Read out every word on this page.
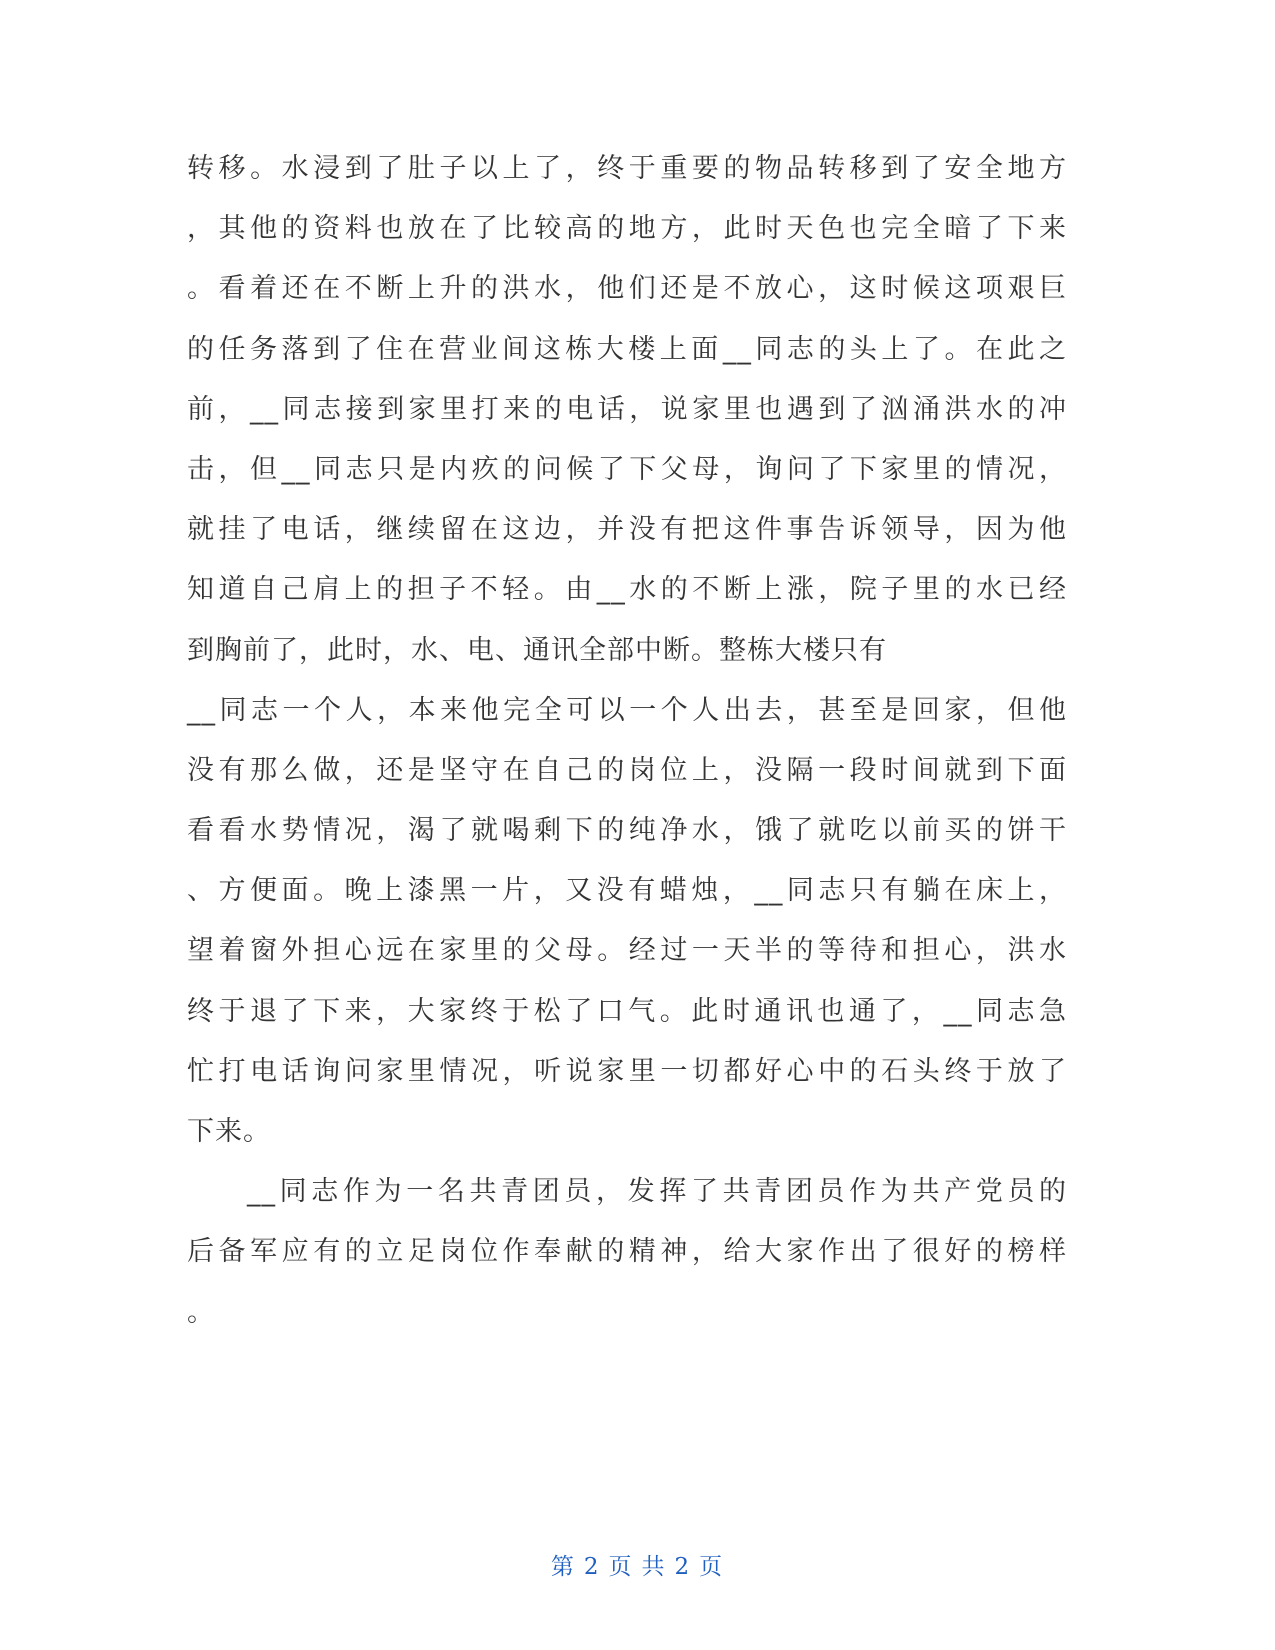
转移。水浸到了肚子以上了，终于重要的物品转移到了安全地方
，其他的资料也放在了比较高的地方，此时天色也完全暗了下来
。看着还在不断上升的洪水，他们还是不放心，这时候这项艰巨
的任务落到了住在营业间这栋大楼上面__同志的头上了。在此之
前，__同志接到家里打来的电话，说家里也遇到了汹涌洪水的冲
击，但__同志只是内疚的问候了下父母，询问了下家里的情况，
就挂了电话，继续留在这边，并没有把这件事告诉领导，因为他
知道自己肩上的担子不轻。由__水的不断上涨，院子里的水已经
到胸前了，此时，水、电、通讯全部中断。整栋大楼只有
__同志一个人，本来他完全可以一个人出去，甚至是回家，但他
没有那么做，还是坚守在自己的岗位上，没隔一段时间就到下面
看看水势情况，渴了就喝剩下的纯净水，饿了就吃以前买的饼干
、方便面。晚上漆黑一片，又没有蜡烛，__同志只有躺在床上，
望着窗外担心远在家里的父母。经过一天半的等待和担心，洪水
终于退了下来，大家终于松了口气。此时通讯也通了，__同志急
忙打电话询问家里情况，听说家里一切都好心中的石头终于放了
下来。
__同志作为一名共青团员，发挥了共青团员作为共产党员的
后备军应有的立足岗位作奉献的精神，给大家作出了很好的榜样
。
第 2 页 共 2 页
